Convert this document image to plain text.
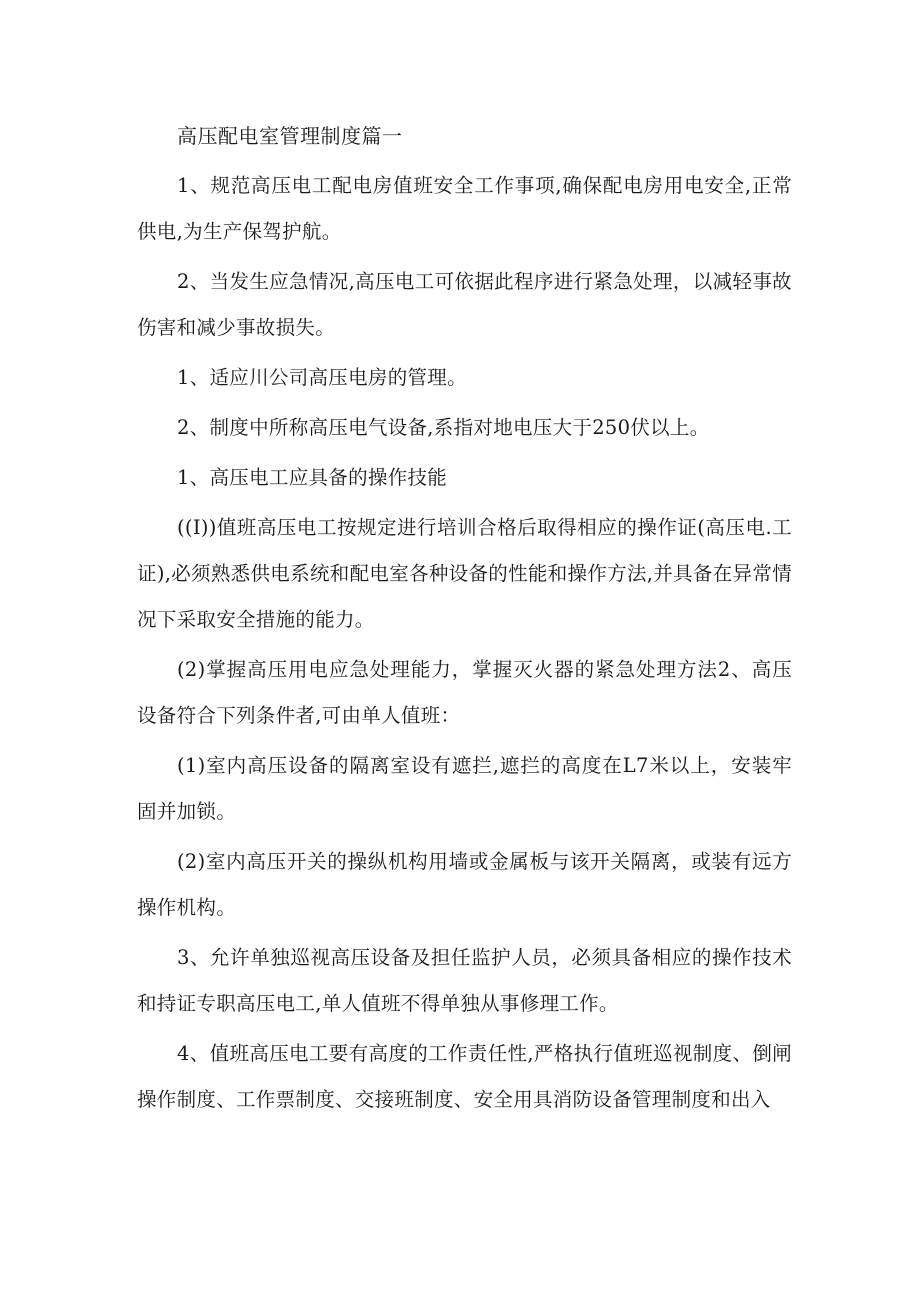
高压配电室管理制度篇一

1、规范高压电工配电房值班安全工作事项,确保配电房用电安全,正常供电,为生产保驾护航。

2、当发生应急情况,高压电工可依据此程序进行紧急处理，以减轻事故伤害和减少事故损失。

1、适应川公司高压电房的管理。

2、制度中所称高压电气设备,系指对地电压大于250伏以上。

1、高压电工应具备的操作技能

((I))值班高压电工按规定进行培训合格后取得相应的操作证(高压电.工证),必须熟悉供电系统和配电室各种设备的性能和操作方法,并具备在异常情况下采取安全措施的能力。

(2)掌握高压用电应急处理能力，掌握灭火器的紧急处理方法2、高压设备符合下列条件者,可由单人值班：

(1)室内高压设备的隔离室设有遮拦,遮拦的高度在L7米以上，安装牢固并加锁。

(2)室内高压开关的操纵机构用墙或金属板与该开关隔离，或装有远方操作机构。

3、允许单独巡视高压设备及担任监护人员，必须具备相应的操作技术和持证专职高压电工,单人值班不得单独从事修理工作。

4、值班高压电工要有高度的工作责任性,严格执行值班巡视制度、倒闸操作制度、工作票制度、交接班制度、安全用具消防设备管理制度和出入
